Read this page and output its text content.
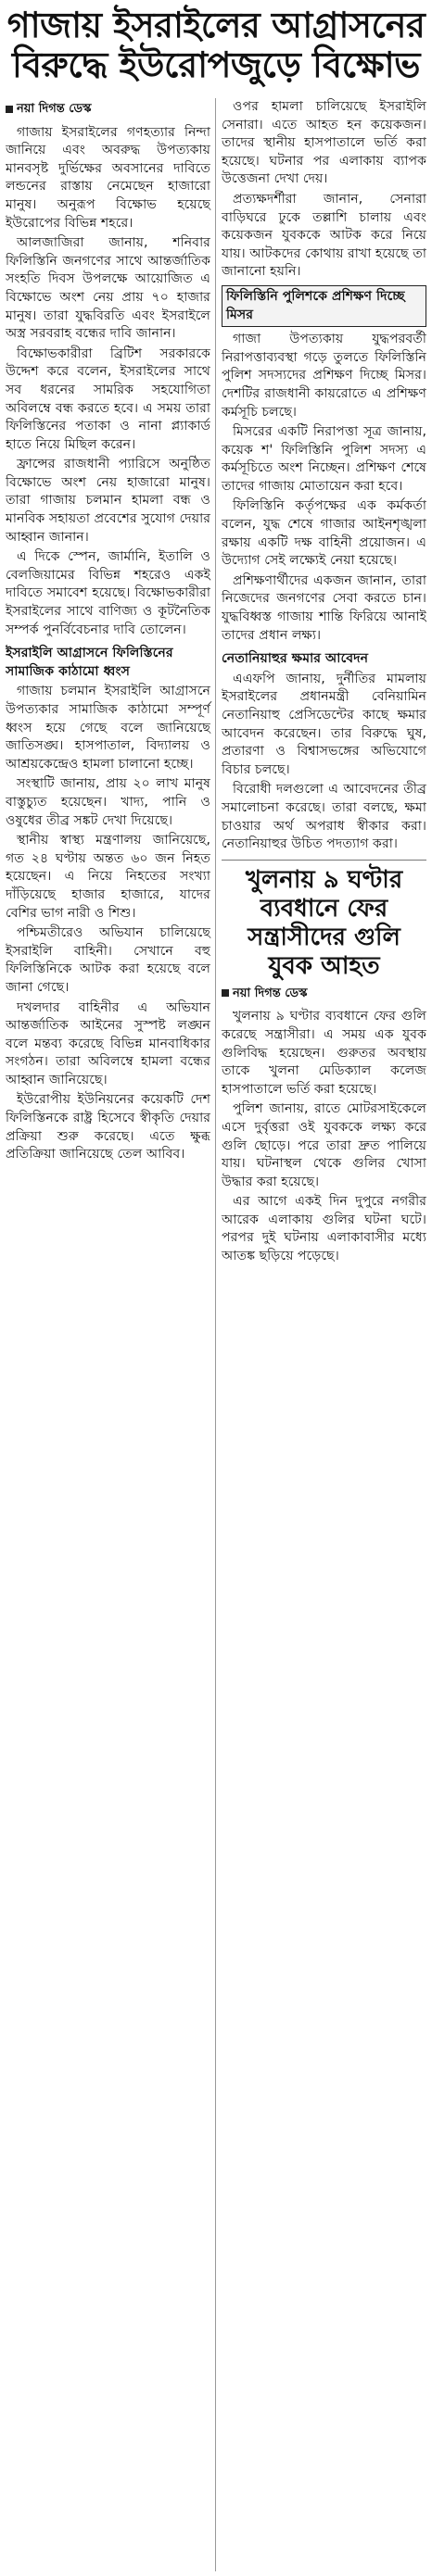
গাজায় ইসরাইলের আগ্রাসনের বিরুদ্ধে ইউরোপজুড়ে বিক্ষোভ
নয়া দিগন্ত ডেস্ক

গাজায় ইসরাইলের গণহত্যার নিন্দা জানিয়ে এবং অবরুদ্ধ উপত্যকায় মানবসৃষ্ট দুর্ভিক্ষের অবসানের দাবিতে লন্ডনের রাস্তায় নেমেছেন হাজারো মানুষ। অনুরূপ বিক্ষোভ হয়েছে ইউরোপের বিভিন্ন শহরে।

আলজাজিরা জানায়, শনিবার ফিলিস্তিনি জনগণের সাথে আন্তর্জাতিক সংহতি দিবস উপলক্ষে আয়োজিত এ বিক্ষোভে অংশ নেয় প্রায় ৭০ হাজার মানুষ। তারা যুদ্ধবিরতি এবং ইসরাইলে অস্ত্র সরবরাহ বন্ধের দাবি জানান।

বিক্ষোভকারীরা ব্রিটিশ সরকারকে উদ্দেশ করে বলেন, ইসরাইলের সাথে সব ধরনের সামরিক সহযোগিতা অবিলম্বে বন্ধ করতে হবে। এ সময় তারা ফিলিস্তিনের পতাকা ও নানা প্ল্যাকার্ড হাতে নিয়ে মিছিল করেন।

ফ্রান্সের রাজধানী প্যারিসে অনুষ্ঠিত বিক্ষোভে অংশ নেয় হাজারো মানুষ। তারা গাজায় চলমান হামলা বন্ধ ও মানবিক সহায়তা প্রবেশের সুযোগ দেয়ার আহ্বান জানান।

এ দিকে স্পেন, জার্মানি, ইতালি ও বেলজিয়ামের বিভিন্ন শহরেও একই দাবিতে সমাবেশ হয়েছে। বিক্ষোভকারীরা ইসরাইলের সাথে বাণিজ্য ও কূটনৈতিক সম্পর্ক পুনর্বিবেচনার দাবি তোলেন।

ইসরাইলি আগ্রাসনে ফিলিস্তিনের সামাজিক কাঠামো ধ্বংস

গাজায় চলমান ইসরাইলি আগ্রাসনে উপত্যকার সামাজিক কাঠামো সম্পূর্ণ ধ্বংস হয়ে গেছে বলে জানিয়েছে জাতিসঙ্ঘ। হাসপাতাল, বিদ্যালয় ও আশ্রয়কেন্দ্রেও হামলা চালানো হচ্ছে।

সংস্থাটি জানায়, প্রায় ২০ লাখ মানুষ বাস্তুচ্যুত হয়েছেন। খাদ্য, পানি ও ওষুধের তীব্র সঙ্কট দেখা দিয়েছে।

স্থানীয় স্বাস্থ্য মন্ত্রণালয় জানিয়েছে, গত ২৪ ঘণ্টায় অন্তত ৬০ জন নিহত হয়েছেন। এ নিয়ে নিহতের সংখ্যা দাঁড়িয়েছে হাজার হাজারে, যাদের বেশির ভাগ নারী ও শিশু।

পশ্চিমতীরেও অভিযান চালিয়েছে ইসরাইলি বাহিনী। সেখানে বহু ফিলিস্তিনিকে আটক করা হয়েছে বলে জানা গেছে।

দখলদার বাহিনীর এ অভিযান আন্তর্জাতিক আইনের সুস্পষ্ট লঙ্ঘন বলে মন্তব্য করেছে বিভিন্ন মানবাধিকার সংগঠন। তারা অবিলম্বে হামলা বন্ধের আহ্বান জানিয়েছে।

ইউরোপীয় ইউনিয়নের কয়েকটি দেশ ফিলিস্তিনকে রাষ্ট্র হিসেবে স্বীকৃতি দেয়ার প্রক্রিয়া শুরু করেছে। এতে ক্ষুব্ধ প্রতিক্রিয়া জানিয়েছে তেল আবিব।

ওপর হামলা চালিয়েছে ইসরাইলি সেনারা। এতে আহত হন কয়েকজন। তাদের স্থানীয় হাসপাতালে ভর্তি করা হয়েছে। ঘটনার পর এলাকায় ব্যাপক উত্তেজনা দেখা দেয়।

প্রত্যক্ষদর্শীরা জানান, সেনারা বাড়িঘরে ঢুকে তল্লাশি চালায় এবং কয়েকজন যুবককে আটক করে নিয়ে যায়। আটকদের কোথায় রাখা হয়েছে তা জানানো হয়নি।

ফিলিস্তিনি পুলিশকে প্রশিক্ষণ দিচ্ছে মিসর

গাজা উপত্যকায় যুদ্ধপরবর্তী নিরাপত্তাব্যবস্থা গড়ে তুলতে ফিলিস্তিনি পুলিশ সদস্যদের প্রশিক্ষণ দিচ্ছে মিসর। দেশটির রাজধানী কায়রোতে এ প্রশিক্ষণ কর্মসূচি চলছে।

মিসরের একটি নিরাপত্তা সূত্র জানায়, কয়েক শ' ফিলিস্তিনি পুলিশ সদস্য এ কর্মসূচিতে অংশ নিচ্ছেন। প্রশিক্ষণ শেষে তাদের গাজায় মোতায়েন করা হবে।

ফিলিস্তিনি কর্তৃপক্ষের এক কর্মকর্তা বলেন, যুদ্ধ শেষে গাজার আইনশৃঙ্খলা রক্ষায় একটি দক্ষ বাহিনী প্রয়োজন। এ উদ্যোগ সেই লক্ষ্যেই নেয়া হয়েছে।

প্রশিক্ষণার্থীদের একজন জানান, তারা নিজেদের জনগণের সেবা করতে চান। যুদ্ধবিধ্বস্ত গাজায় শান্তি ফিরিয়ে আনাই তাদের প্রধান লক্ষ্য।

নেতানিয়াহুর ক্ষমার আবেদন

এএফপি জানায়, দুর্নীতির মামলায় ইসরাইলের প্রধানমন্ত্রী বেনিয়ামিন নেতানিয়াহু প্রেসিডেন্টের কাছে ক্ষমার আবেদন করেছেন। তার বিরুদ্ধে ঘুষ, প্রতারণা ও বিশ্বাসভঙ্গের অভিযোগে বিচার চলছে।

বিরোধী দলগুলো এ আবেদনের তীব্র সমালোচনা করেছে। তারা বলছে, ক্ষমা চাওয়ার অর্থ অপরাধ স্বীকার করা। নেতানিয়াহুর উচিত পদত্যাগ করা।

খুলনায় ৯ ঘণ্টার ব্যবধানে ফের সন্ত্রাসীদের গুলি যুবক আহত
নয়া দিগন্ত ডেস্ক

খুলনায় ৯ ঘণ্টার ব্যবধানে ফের গুলি করেছে সন্ত্রাসীরা। এ সময় এক যুবক গুলিবিদ্ধ হয়েছেন। গুরুতর অবস্থায় তাকে খুলনা মেডিক্যাল কলেজ হাসপাতালে ভর্তি করা হয়েছে।

পুলিশ জানায়, রাতে মোটরসাইকেলে এসে দুর্বৃত্তরা ওই যুবককে লক্ষ্য করে গুলি ছোড়ে। পরে তারা দ্রুত পালিয়ে যায়। ঘটনাস্থল থেকে গুলির খোসা উদ্ধার করা হয়েছে।

এর আগে একই দিন দুপুরে নগরীর আরেক এলাকায় গুলির ঘটনা ঘটে। পরপর দুই ঘটনায় এলাকাবাসীর মধ্যে আতঙ্ক ছড়িয়ে পড়েছে।
